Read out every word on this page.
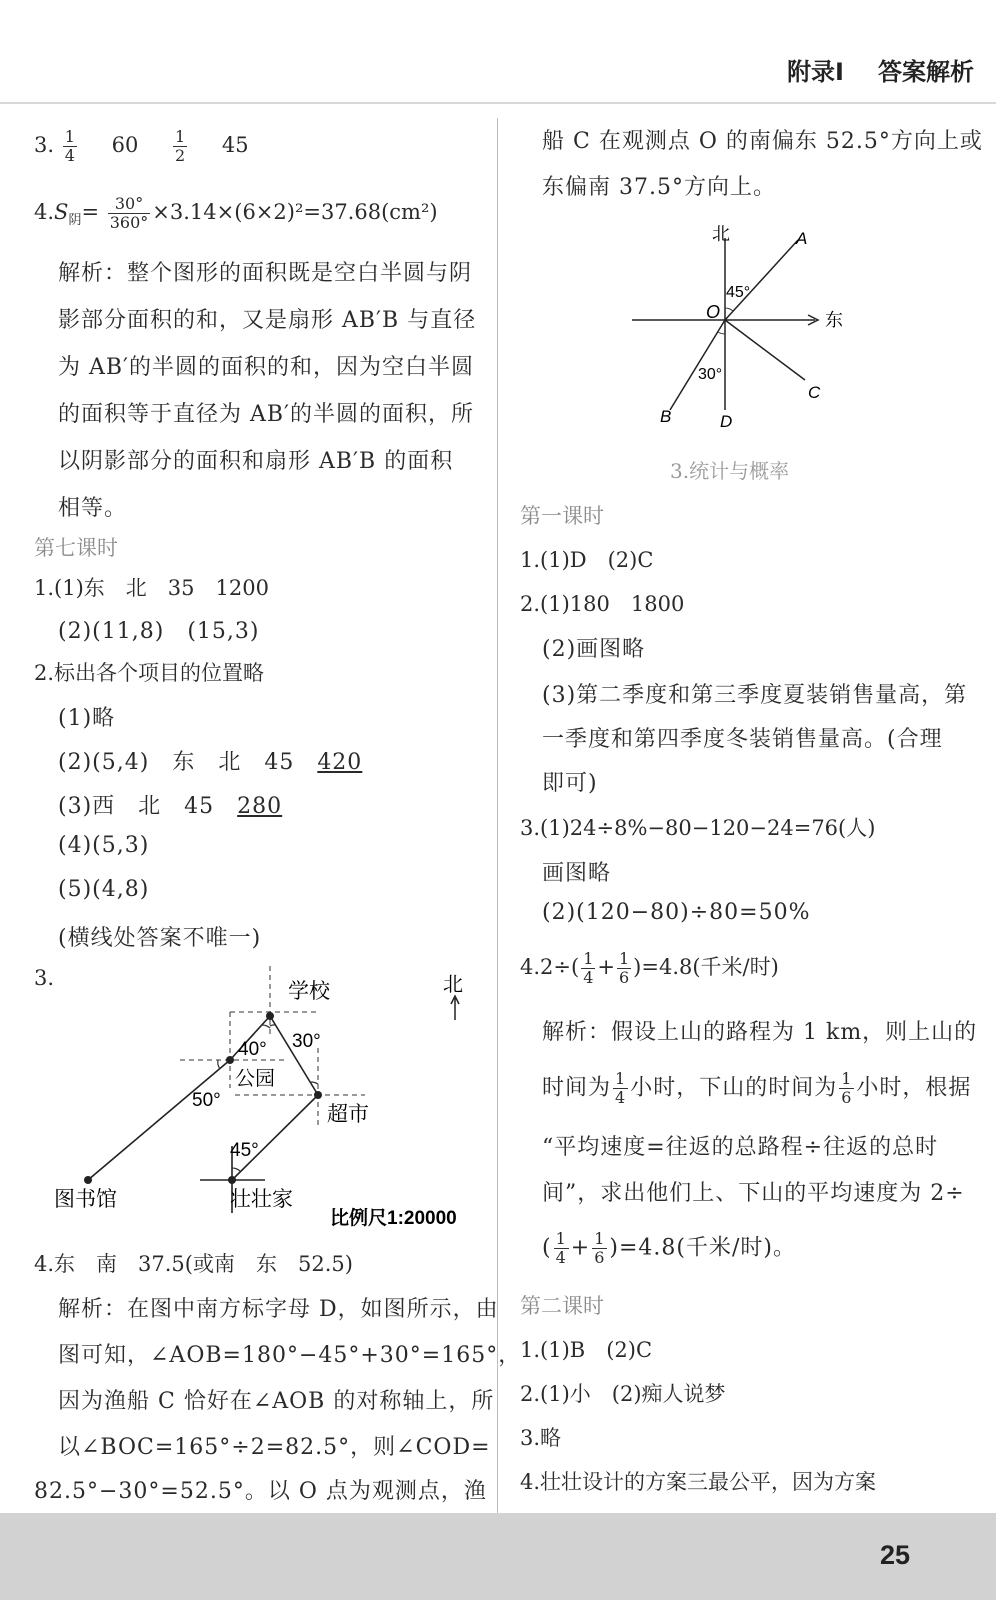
附录Ⅰ 答案解析
3. $\frac{1}{4} 60 \frac{1}{2} 45$
$4.S_阴= \frac{30^\circ}{360^\circ} \times 3.14\times(6\times 2)^2=37.68(cm^2)$
解析：整个图形的面积既是空白半圆与阴
影部分面积的和，又是扇形 AB′B 与直径
为 AB′的半圆的面积的和，因为空白半圆
的面积等于直径为 AB′的半圆的面积，所
以阴影部分的面积和扇形 AB′B 的面积
相等。
第七课时
1.(1)东　北　35　1200
(2)(11,8)　(15,3)
2.标出各个项目的位置略
(1)略
(2)(5,4)　东　北　45　420
(3)西　北　45　280
(4)(5,3)
(5)(4,8)
(横线处答案不唯一)
3.
学校	北
40° 30°
公园
50°
超市
45°
图书馆	壮壮家
比例尺1:20000
4.东　南　37.5(或南　东　52.5)
解析：在图中南方标字母 D，如图所示，由
图可知，∠AOB=180°−45°+30°=165°，
因为渔船 C 恰好在∠AOB 的对称轴上，所
以∠BOC=165°÷2=82.5°，则∠COD=
82.5°−30°=52.5°。以 O 点为观测点，渔
船 C 在观测点 O 的南偏东 52.5°方向上或
东偏南 37.5°方向上。
北	A
45°
O	东
30°
C
B	D
3.统计与概率
第一课时
1.(1)D　(2)C
2.(1)180　1800
(2)画图略
(3)第二季度和第三季度夏装销售量高，第
一季度和第四季度冬装销售量高。(合理
即可)
3.(1)24÷8%−80−120−24=76(人)
画图略
(2)(120−80)÷80=50%
$4.2\div( \frac{1}{4} + \frac{1}{6} )=4.8$(千米/时)
解析：假设上山的路程为 1 km，则上山的
时间为 $\frac{1}{4}$ 小时，下山的时间为 $\frac{1}{6}$ 小时，根据
“平均速度=往返的总路程÷往返的总时
间”，求出他们上、下山的平均速度为 2÷
( $\frac{1}{4} + \frac{1}{6} )=4.8$(千米/时)。
第二课时
1.(1)B　(2)C
2.(1)小　(2)痴人说梦
3.略
4.壮壮设计的方案三最公平，因为方案
25
